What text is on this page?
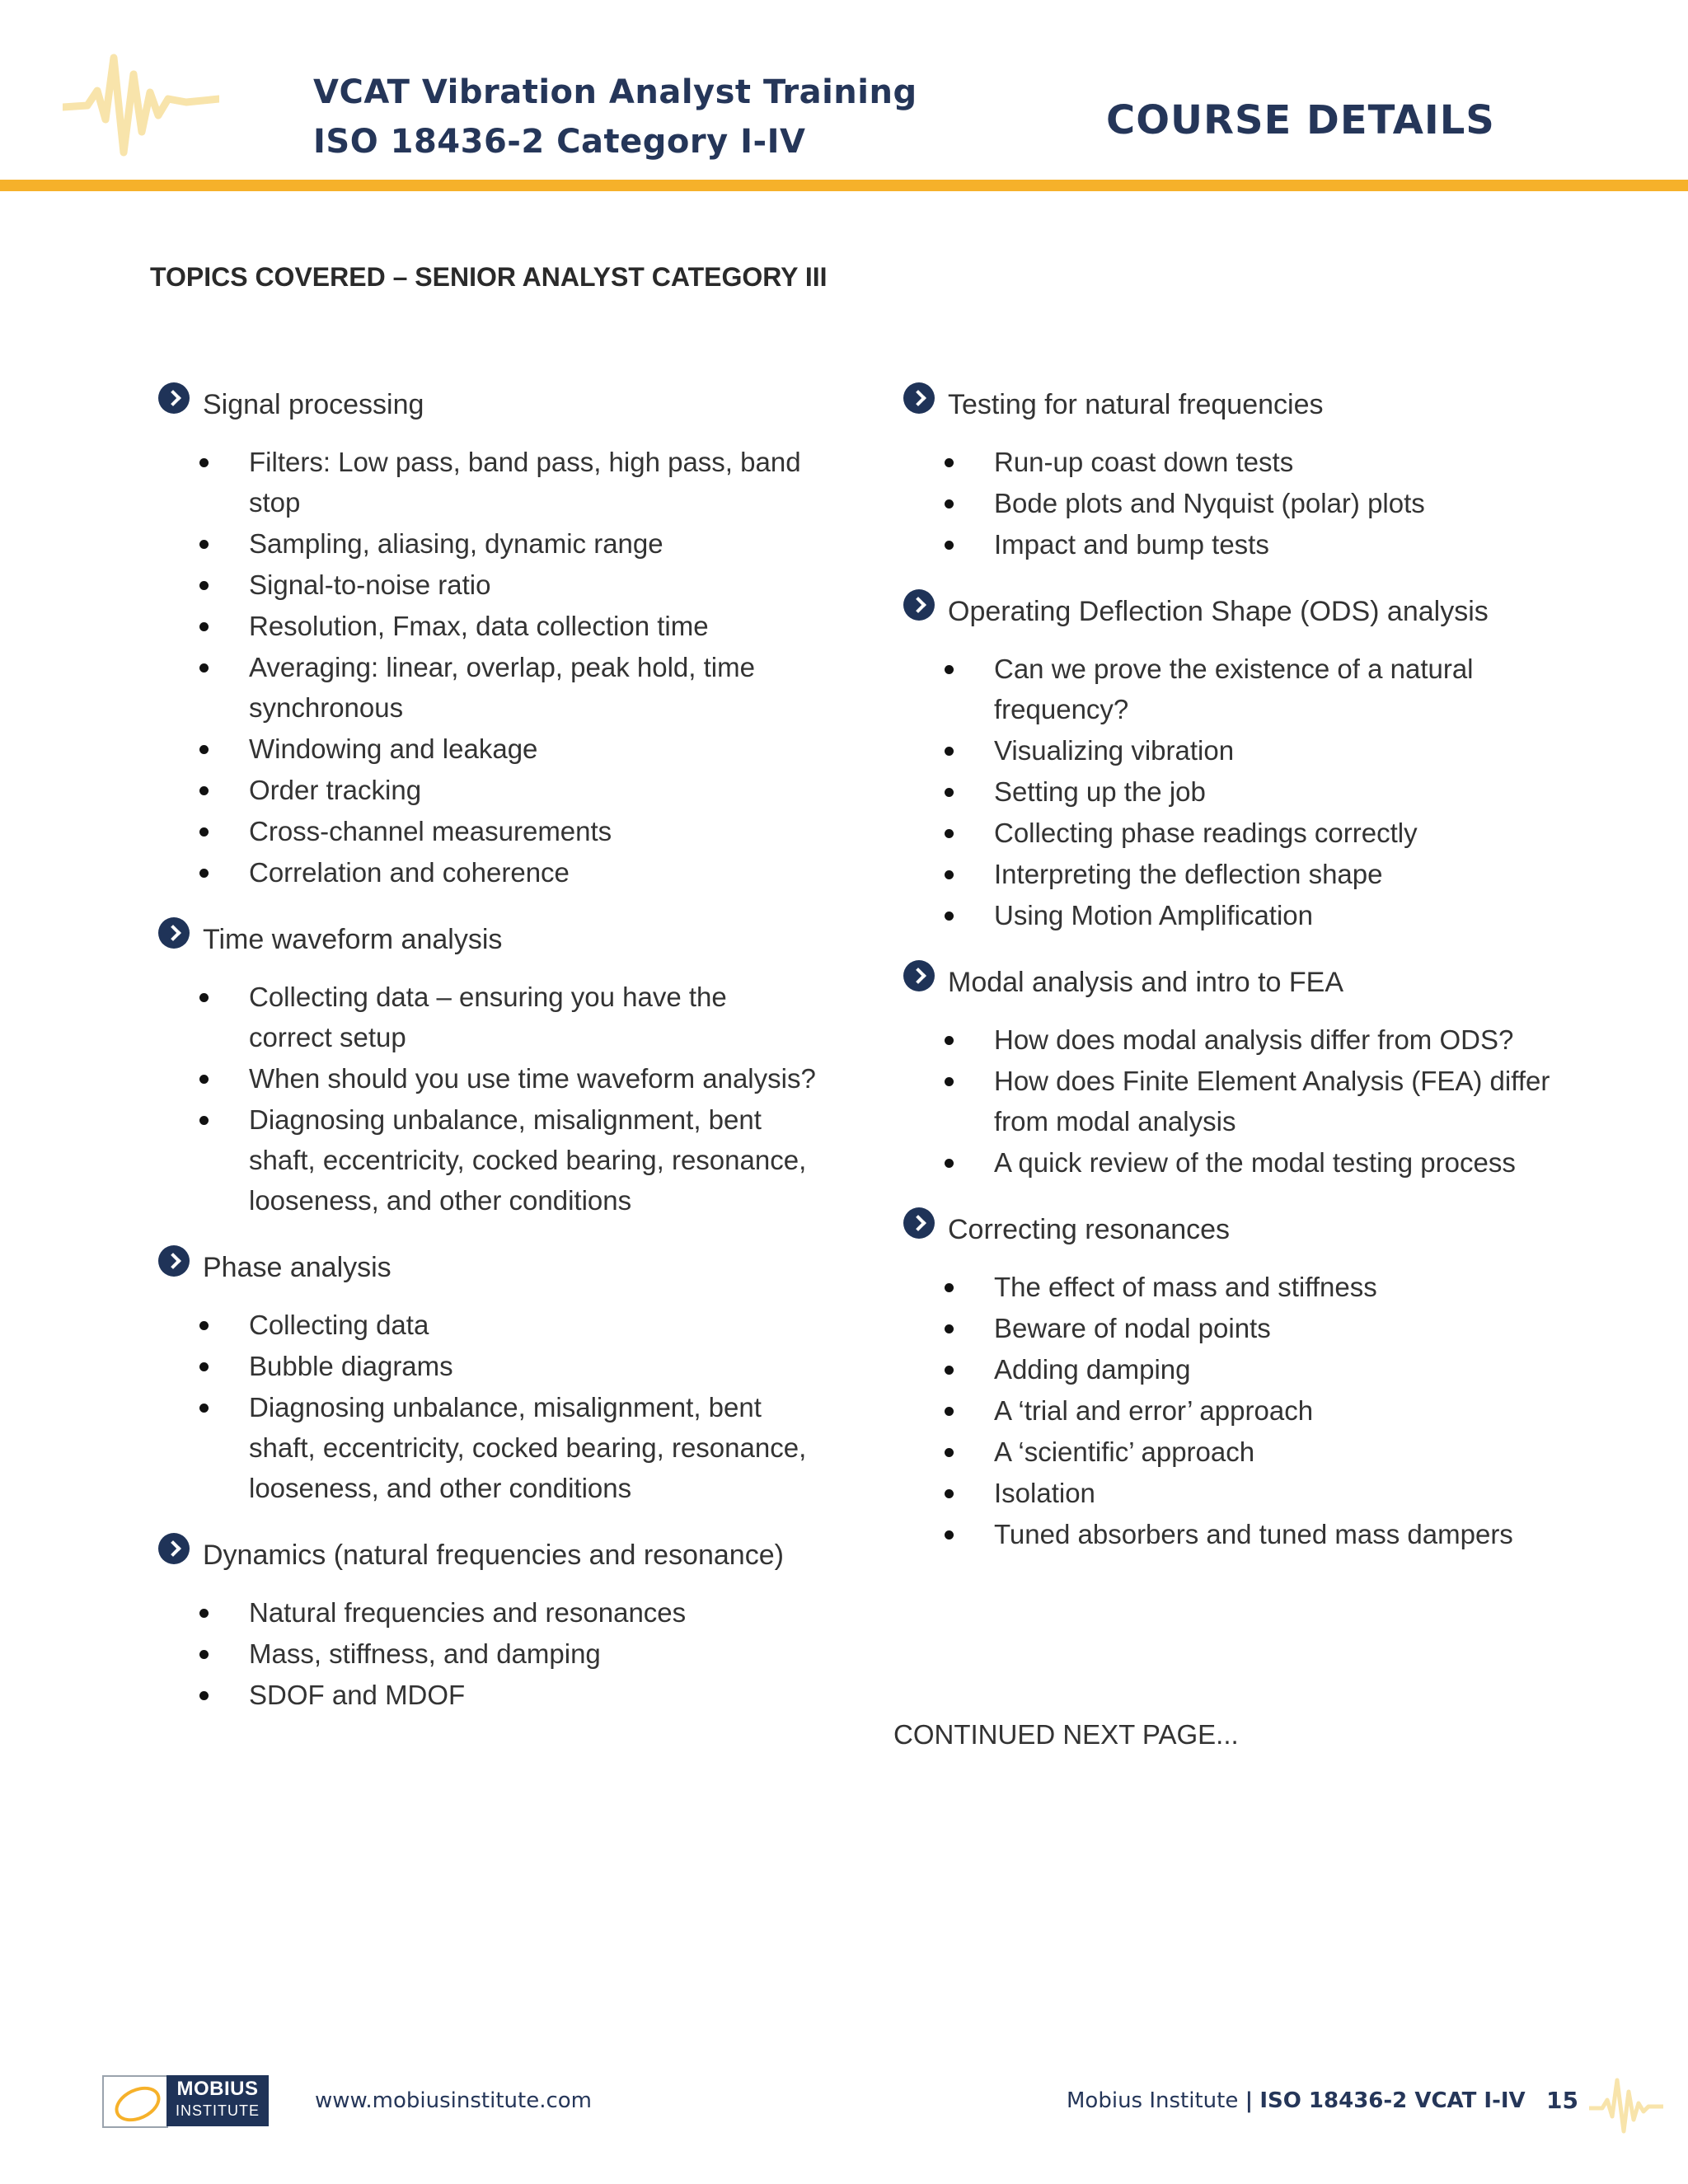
VCAT Vibration Analyst Training
ISO 18436-2 Category I-IV	COURSE DETAILS
TOPICS COVERED – SENIOR ANALYST CATEGORY III
Signal processing
Filters: Low pass, band pass, high pass, band stop
Sampling, aliasing, dynamic range
Signal-to-noise ratio
Resolution, Fmax, data collection time
Averaging: linear, overlap, peak hold, time synchronous
Windowing and leakage
Order tracking
Cross-channel measurements
Correlation and coherence
Time waveform analysis
Collecting data – ensuring you have the correct setup
When should you use time waveform analysis?
Diagnosing unbalance, misalignment, bent shaft, eccentricity, cocked bearing, resonance, looseness, and other conditions
Phase analysis
Collecting data
Bubble diagrams
Diagnosing unbalance, misalignment, bent shaft, eccentricity, cocked bearing, resonance, looseness, and other conditions
Dynamics (natural frequencies and resonance)
Natural frequencies and resonances
Mass, stiffness, and damping
SDOF and MDOF
Testing for natural frequencies
Run-up coast down tests
Bode plots and Nyquist (polar) plots
Impact and bump tests
Operating Deflection Shape (ODS) analysis
Can we prove the existence of a natural frequency?
Visualizing vibration
Setting up the job
Collecting phase readings correctly
Interpreting the deflection shape
Using Motion Amplification
Modal analysis and intro to FEA
How does modal analysis differ from ODS?
How does Finite Element Analysis (FEA) differ from modal analysis
A quick review of the modal testing process
Correcting resonances
The effect of mass and stiffness
Beware of nodal points
Adding damping
A ‘trial and error’ approach
A ‘scientific’ approach
Isolation
Tuned absorbers and tuned mass dampers
CONTINUED NEXT PAGE...
MOBIUS
INSTITUTE	www.mobiusinstitute.com	Mobius Institute | ISO 18436-2 VCAT I-IV 15
